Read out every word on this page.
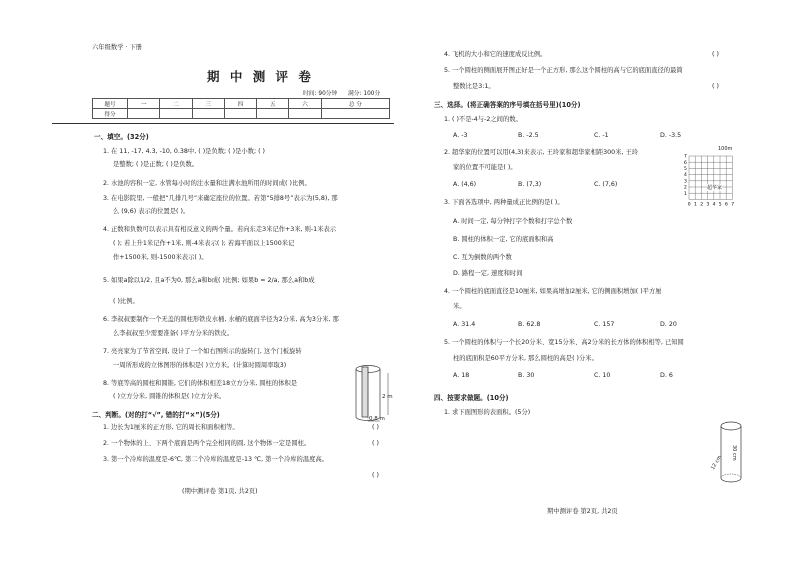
六年级数学 · 下册
期 中 测 评 卷
时间: 90分钟 满分: 100分
题号	一	二	三	四	五	六	总 分
得分							
一、填空。(32分)
1. 在 11, -17, 4.3, -10, 0.38中, ( )是负数; ( )是小数; ( )
是整数; ( )是正数; ( )是负数。
2. 水池的容积一定, 水管每小时的注水量和注满水池所用的时间成( )比例。
3. 在电影院里, 一般把“几排几号”来确定座位的位置。若第“5排8号”表示为(5,8), 那
么 (9,6) 表示的位置是( )。
4. 正数和负数可以表示具有相反意义的两个量。若向东走3米记作+3米, 则-1米表示
( ); 若上升1米记作+1米, 则-4米表示( ); 若海平面以上1500米记
作+1500米, 则-1500米表示( )。
5. 如果a除以1/2, 且a不为0, 那么a和b成( )比例; 如果b = 2/a, 那么a和b成
( )比例。
6. 李叔叔要制作一个无盖的圆柱形铁皮水桶, 水桶的底面半径为2分米, 高为3分米, 那
么李叔叔至少需要准备( )平方分米的铁皮。
7. 亮亮家为了节省空间, 设计了一个如右图所示的旋转门, 这个门板旋转
一周所形成的立体图形的体积是( )立方米。(计算时圆周率取3)
8. 等底等高的圆柱和圆锥, 它们的体积相差18立方分米, 圆柱的体积是
( )立方分米, 圆锥的体积是( )立方分米。	2 m
0.8 m
二、判断。(对的打“√”, 错的打“×”)(5分)
1. 边长为1厘米的正方形, 它的周长和面积相等。	( )
2. 一个物体的上、下两个底面是两个完全相同的圆, 这个物体一定是圆柱。	( )
3. 第一个冷库的温度是-6℃, 第二个冷库的温度是-13 ℃, 第一个冷库的温度高。
( )
(期中测评卷 第1页, 共2页)
4. 飞机的大小和它的速度成反比例。	( )
5. 一个圆柱的侧面展开图正好是一个正方形, 那么这个圆柱的高与它的底面直径的最简
整数比是3:1。	( )
三、选择。(将正确答案的序号填在括号里)(10分)
1. ( )不是-4与-2之间的数。
A. -3	B. -2.5	C. -1	D. -3.5
2. 超华家的位置可以用(4,3)来表示, 王玲家和超华家相距300米, 王玲
家的位置不可能是( )。
A. (4,6)	B. (7,3)	C. (7,6)
0 1 2 3 4 5 6 7
7
6
5
4
3
2
1
100m
超华家
3. 下面各选项中, 两种量成正比例的是( )。
A. 时间一定, 每分钟打字个数和打字总个数
B. 圆柱的体积一定, 它的底面积和高
C. 互为倒数的两个数
D. 路程一定, 速度和时间
4. 一个圆柱的底面直径是10厘米, 如果高增加2厘米, 它的侧面积增加( )平方厘
米。
A. 31.4	B. 62.8	C. 157	D. 20
5. 一个圆柱的体积与一个长20分米、宽15分米、高2分米的长方体的体积相等, 已知圆
柱的底面积是60平方分米, 那么圆柱的高是( )分米。
A. 18	B. 30	C. 10	D. 6
四、按要求做题。(10分)
1. 求下面图形的表面积。(5分)
30 cm
12 cm
期中测评卷 第2页, 共2页
